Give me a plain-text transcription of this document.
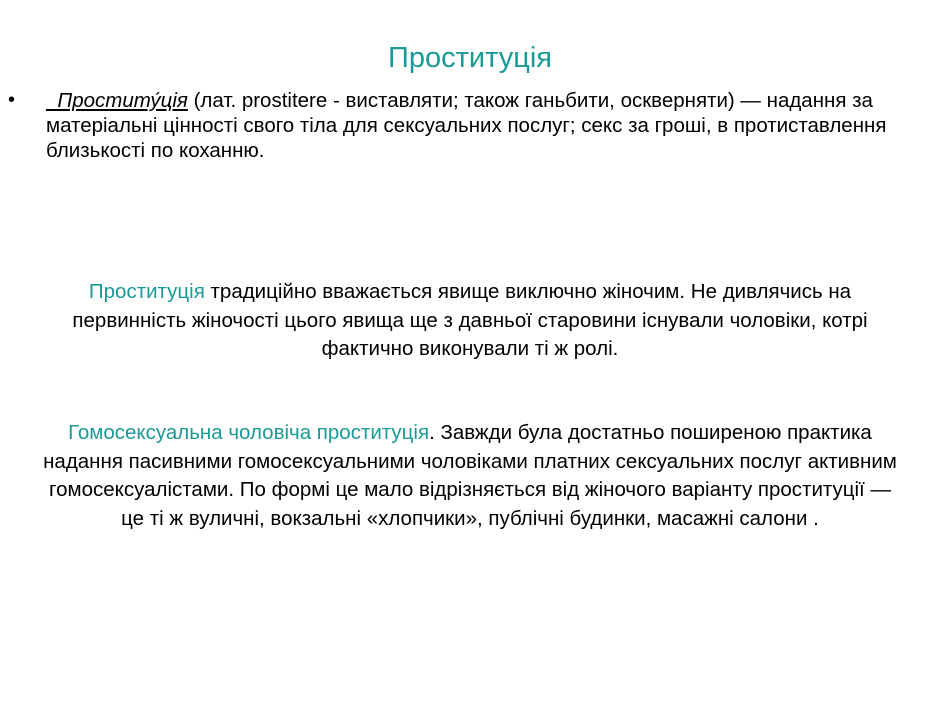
Проституція
•	Проститу́ція (лат. prostitere - виставляти; також ганьбити, оскверняти) — надання за матеріальні цінності свого тіла для сексуальних послуг; секс за гроші, в протиставлення близькості по коханню.
Проституція традиційно вважається явище виключно жіночим. Не дивлячись на первинність жіночості цього явища ще з давньої старовини існували чоловіки, котрі фактично виконували ті ж ролі.
Гомосексуальна чоловіча проституція. Завжди була достатньо поширеною практика надання пасивними гомосексуальними чоловіками платних сексуальних послуг активним гомосексуалістами. По формі це мало відрізняється від жіночого варіанту проституції — це ті ж вуличні, вокзальні «хлопчики», публічні будинки, масажні салони .
